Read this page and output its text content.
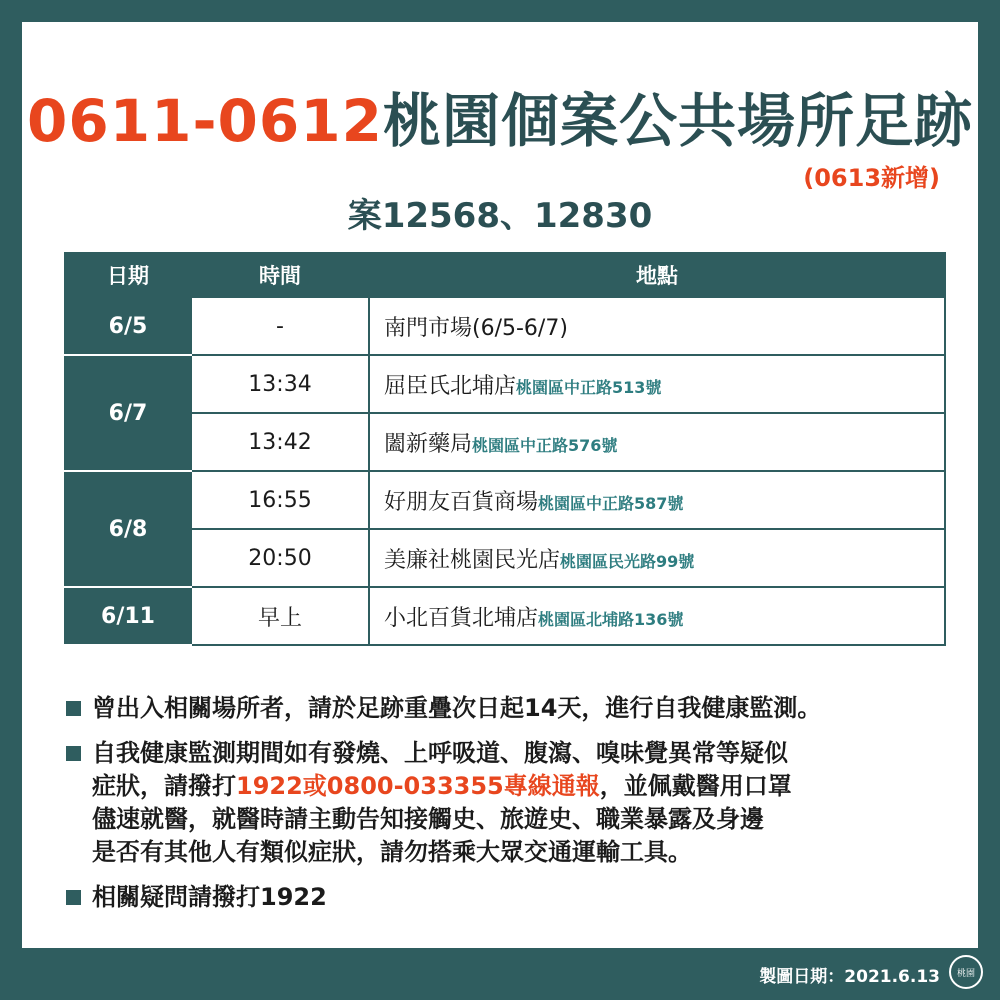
0611-0612桃園個案公共場所足跡
(0613新增)
案12568、12830
日期	時間	地點
6/5	-	南門市場(6/5-6/7)
6/7	13:34	屈臣氏北埔店桃園區中正路513號
	13:42	闔新藥局桃園區中正路576號
6/8	16:55	好朋友百貨商場桃園區中正路587號
	20:50	美廉社桃園民光店桃園區民光路99號
6/11	早上	小北百貨北埔店桃園區北埔路136號
曾出入相關場所者，請於足跡重疊次日起14天，進行自我健康監測。
自我健康監測期間如有發燒、上呼吸道、腹瀉、嗅味覺異常等疑似
症狀，請撥打1922或0800-033355專線通報，並佩戴醫用口罩
儘速就醫，就醫時請主動告知接觸史、旅遊史、職業暴露及身邊
是否有其他人有類似症狀，請勿搭乘大眾交通運輸工具。
相關疑問請撥打1922
製圖日期：2021.6.13 桃園
